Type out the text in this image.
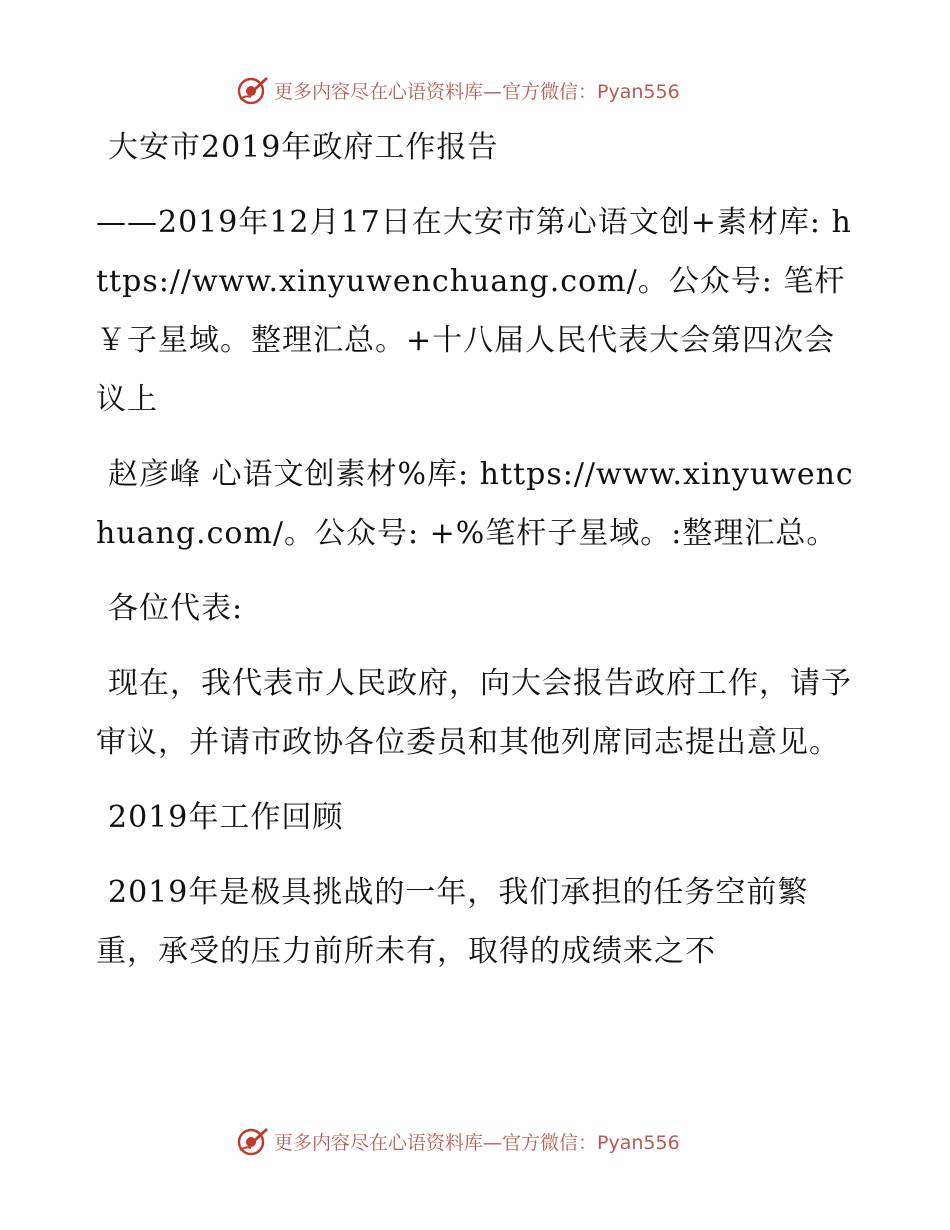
更多内容尽在心语资料库—官方微信：Pyan556

大安市2019年政府工作报告

——2019年12月17日在大安市第心语文创+素材库: https://www.xinyuwenchuang.com/。公众号: 笔杆￥子星域。整理汇总。+十八届人民代表大会第四次会议上

赵彦峰 心语文创素材%库: https://www.xinyuwenchuang.com/。公众号: +%笔杆子星域。:整理汇总。

各位代表:

现在，我代表市人民政府，向大会报告政府工作，请予审议，并请市政协各位委员和其他列席同志提出意见。

2019年工作回顾

2019年是极具挑战的一年，我们承担的任务空前繁重，承受的压力前所未有，取得的成绩来之不

更多内容尽在心语资料库—官方微信：Pyan556
